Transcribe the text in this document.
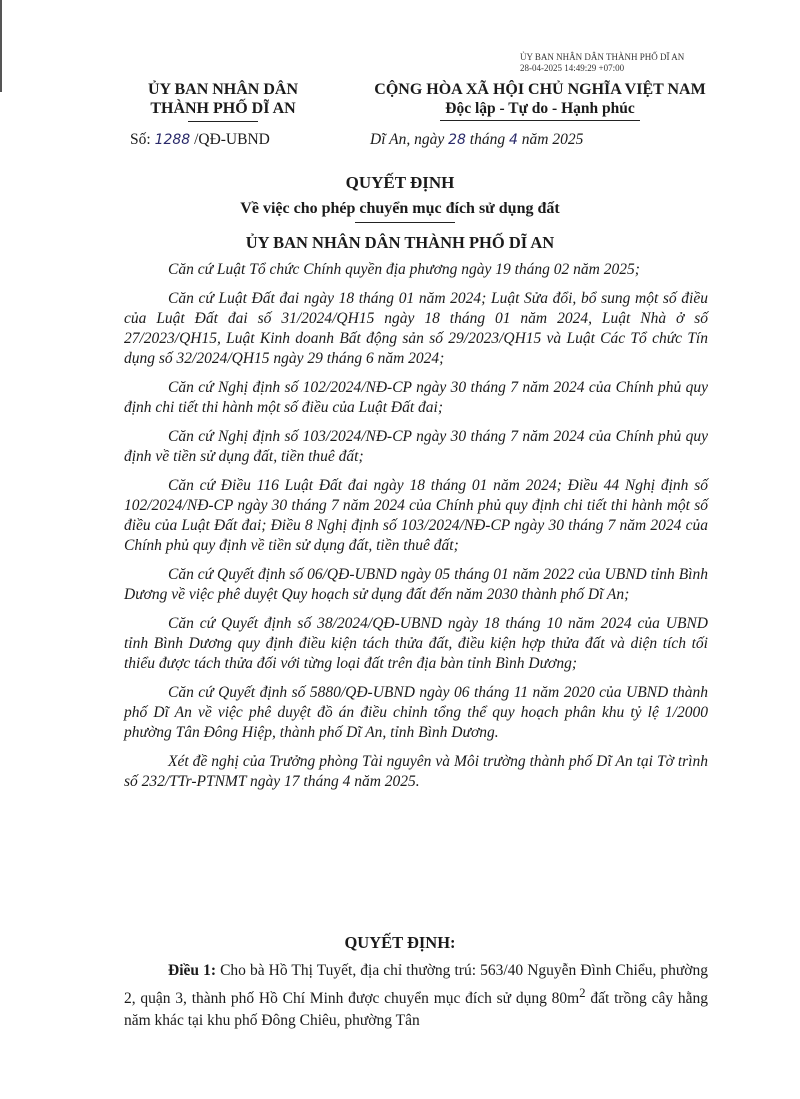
ỦY BAN NHÂN DÂN THÀNH PHỐ DĨ AN
28-04-2025 14:49:29 +07:00
ỦY BAN NHÂN DÂN
THÀNH PHỐ DĨ AN
CỘNG HÒA XÃ HỘI CHỦ NGHĨA VIỆT NAM
Độc lập - Tự do - Hạnh phúc
Số: 1288 /QĐ-UBND	Dĩ An, ngày 28 tháng 4 năm 2025
QUYẾT ĐỊNH
Về việc cho phép chuyển mục đích sử dụng đất
ỦY BAN NHÂN DÂN THÀNH PHỐ DĨ AN

Căn cứ Luật Tổ chức Chính quyền địa phương ngày 19 tháng 02 năm 2025;

Căn cứ Luật Đất đai ngày 18 tháng 01 năm 2024; Luật Sửa đổi, bổ sung một số điều của Luật Đất đai số 31/2024/QH15 ngày 18 tháng 01 năm 2024, Luật Nhà ở số 27/2023/QH15, Luật Kinh doanh Bất động sản số 29/2023/QH15 và Luật Các Tổ chức Tín dụng số 32/2024/QH15 ngày 29 tháng 6 năm 2024;

Căn cứ Nghị định số 102/2024/NĐ-CP ngày 30 tháng 7 năm 2024 của Chính phủ quy định chi tiết thi hành một số điều của Luật Đất đai;

Căn cứ Nghị định số 103/2024/NĐ-CP ngày 30 tháng 7 năm 2024 của Chính phủ quy định về tiền sử dụng đất, tiền thuê đất;

Căn cứ Điều 116 Luật Đất đai ngày 18 tháng 01 năm 2024; Điều 44 Nghị định số 102/2024/NĐ-CP ngày 30 tháng 7 năm 2024 của Chính phủ quy định chi tiết thi hành một số điều của Luật Đất đai; Điều 8 Nghị định số 103/2024/NĐ-CP ngày 30 tháng 7 năm 2024 của Chính phủ quy định về tiền sử dụng đất, tiền thuê đất;

Căn cứ Quyết định số 06/QĐ-UBND ngày 05 tháng 01 năm 2022 của UBND tỉnh Bình Dương về việc phê duyệt Quy hoạch sử dụng đất đến năm 2030 thành phố Dĩ An;

Căn cứ Quyết định số 38/2024/QĐ-UBND ngày 18 tháng 10 năm 2024 của UBND tỉnh Bình Dương quy định điều kiện tách thửa đất, điều kiện hợp thửa đất và diện tích tối thiểu được tách thửa đối với từng loại đất trên địa bàn tỉnh Bình Dương;

Căn cứ Quyết định số 5880/QĐ-UBND ngày 06 tháng 11 năm 2020 của UBND thành phố Dĩ An về việc phê duyệt đồ án điều chỉnh tổng thể quy hoạch phân khu tỷ lệ 1/2000 phường Tân Đông Hiệp, thành phố Dĩ An, tỉnh Bình Dương.

Xét đề nghị của Trưởng phòng Tài nguyên và Môi trường thành phố Dĩ An tại Tờ trình số 232/TTr-PTNMT ngày 17 tháng 4 năm 2025.

QUYẾT ĐỊNH:

Điều 1: Cho bà Hồ Thị Tuyết, địa chỉ thường trú: 563/40 Nguyễn Đình Chiểu, phường 2, quận 3, thành phố Hồ Chí Minh được chuyển mục đích sử dụng $80m^2$ đất trồng cây hằng năm khác tại khu phố Đông Chiêu, phường Tân
